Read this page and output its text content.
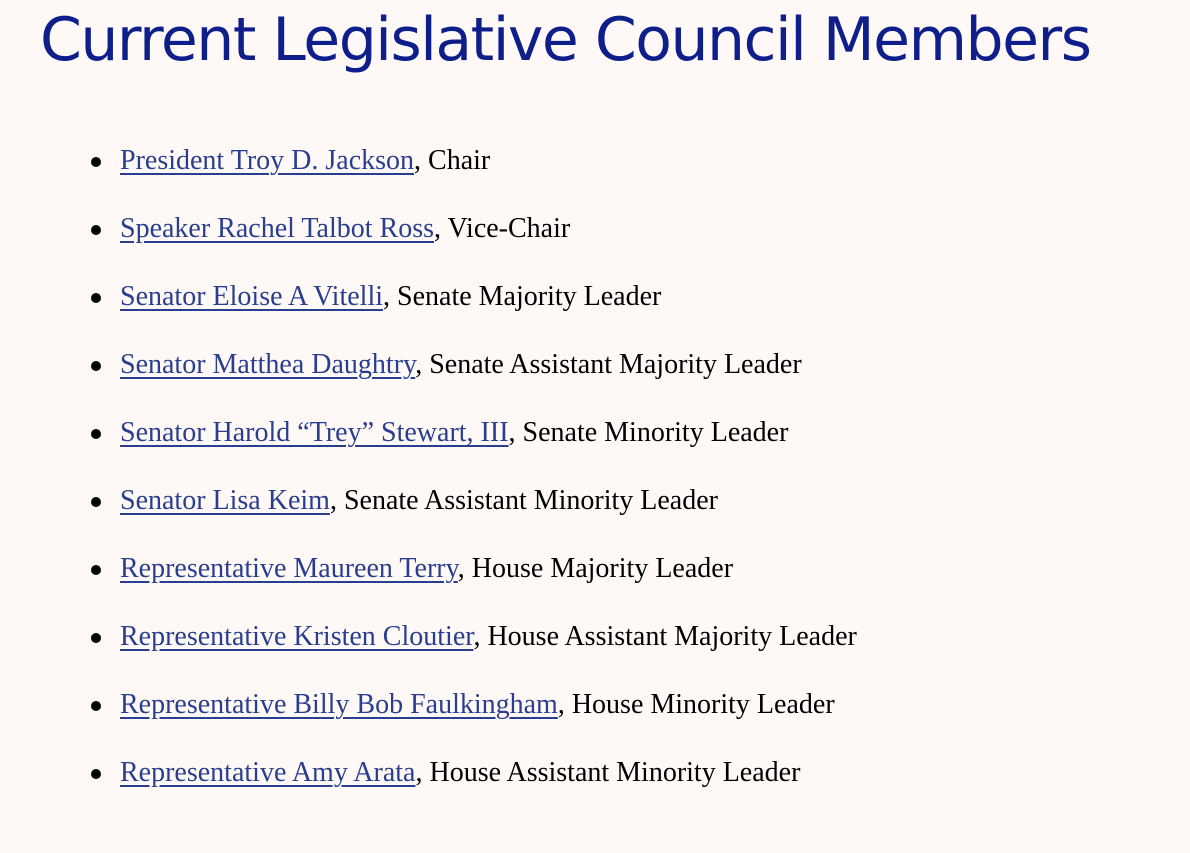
Current Legislative Council Members
President Troy D. Jackson, Chair
Speaker Rachel Talbot Ross, Vice-Chair
Senator Eloise A Vitelli, Senate Majority Leader
Senator Matthea Daughtry, Senate Assistant Majority Leader
Senator Harold “Trey” Stewart, III, Senate Minority Leader
Senator Lisa Keim, Senate Assistant Minority Leader
Representative Maureen Terry, House Majority Leader
Representative Kristen Cloutier, House Assistant Majority Leader
Representative Billy Bob Faulkingham, House Minority Leader
Representative Amy Arata, House Assistant Minority Leader
